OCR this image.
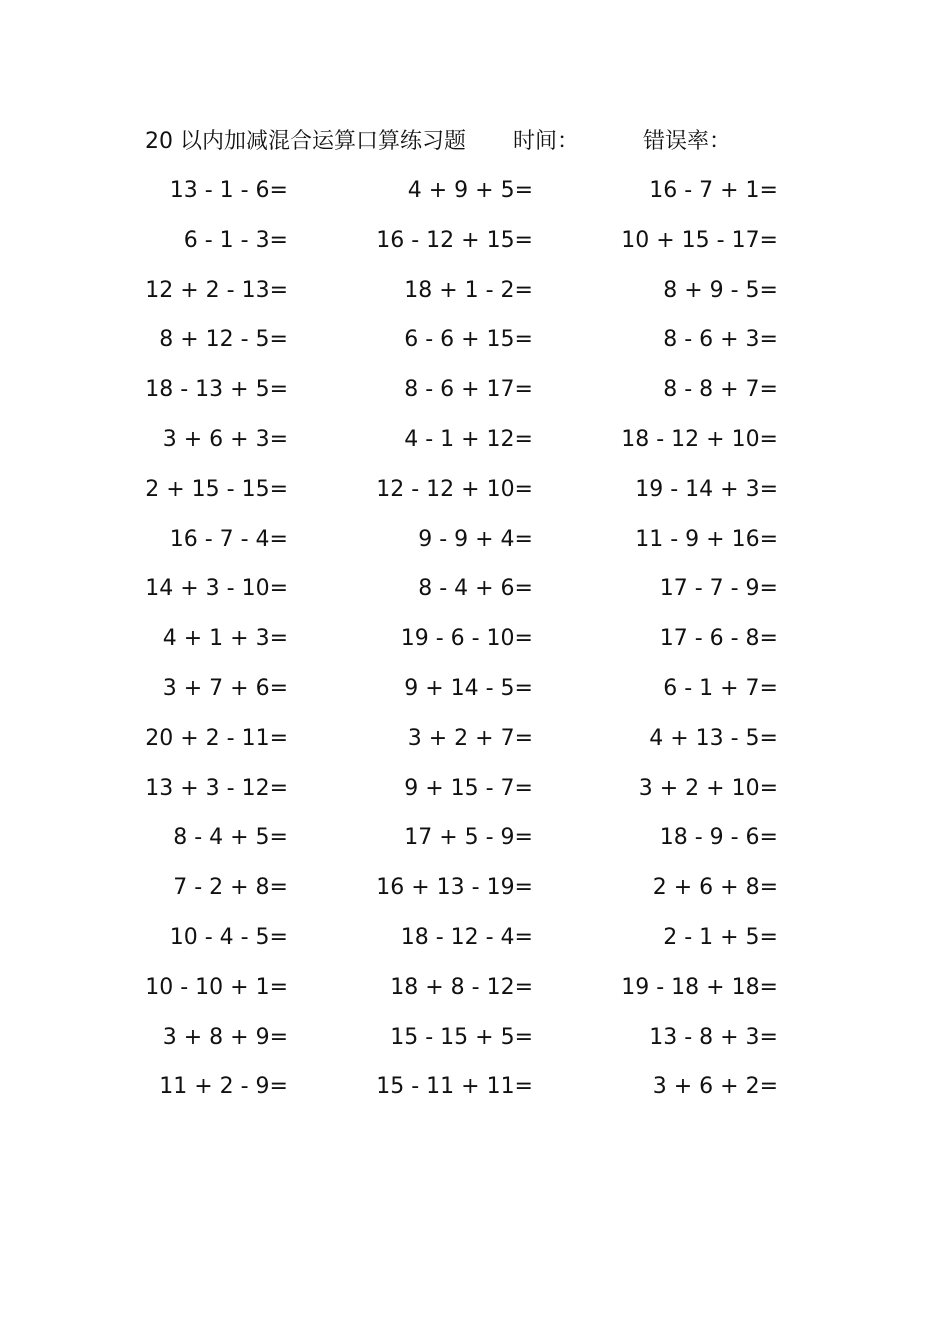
20 以内加减混合运算口算练习题 时间：	错误率：
13 - 1 - 6=	4 + 9 + 5=	16 - 7 + 1=
6 - 1 - 3=	16 - 12 + 15=	10 + 15 - 17=
12 + 2 - 13=	18 + 1 - 2=	8 + 9 - 5=
8 + 12 - 5=	6 - 6 + 15=	8 - 6 + 3=
18 - 13 + 5=	8 - 6 + 17=	8 - 8 + 7=
3 + 6 + 3=	4 - 1 + 12=	18 - 12 + 10=
2 + 15 - 15=	12 - 12 + 10=	19 - 14 + 3=
16 - 7 - 4=	9 - 9 + 4=	11 - 9 + 16=
14 + 3 - 10=	8 - 4 + 6=	17 - 7 - 9=
4 + 1 + 3=	19 - 6 - 10=	17 - 6 - 8=
3 + 7 + 6=	9 + 14 - 5=	6 - 1 + 7=
20 + 2 - 11=	3 + 2 + 7=	4 + 13 - 5=
13 + 3 - 12=	9 + 15 - 7=	3 + 2 + 10=
8 - 4 + 5=	17 + 5 - 9=	18 - 9 - 6=
7 - 2 + 8=	16 + 13 - 19=	2 + 6 + 8=
10 - 4 - 5=	18 - 12 - 4=	2 - 1 + 5=
10 - 10 + 1=	18 + 8 - 12=	19 - 18 + 18=
3 + 8 + 9=	15 - 15 + 5=	13 - 8 + 3=
11 + 2 - 9=	15 - 11 + 11=	3 + 6 + 2=
